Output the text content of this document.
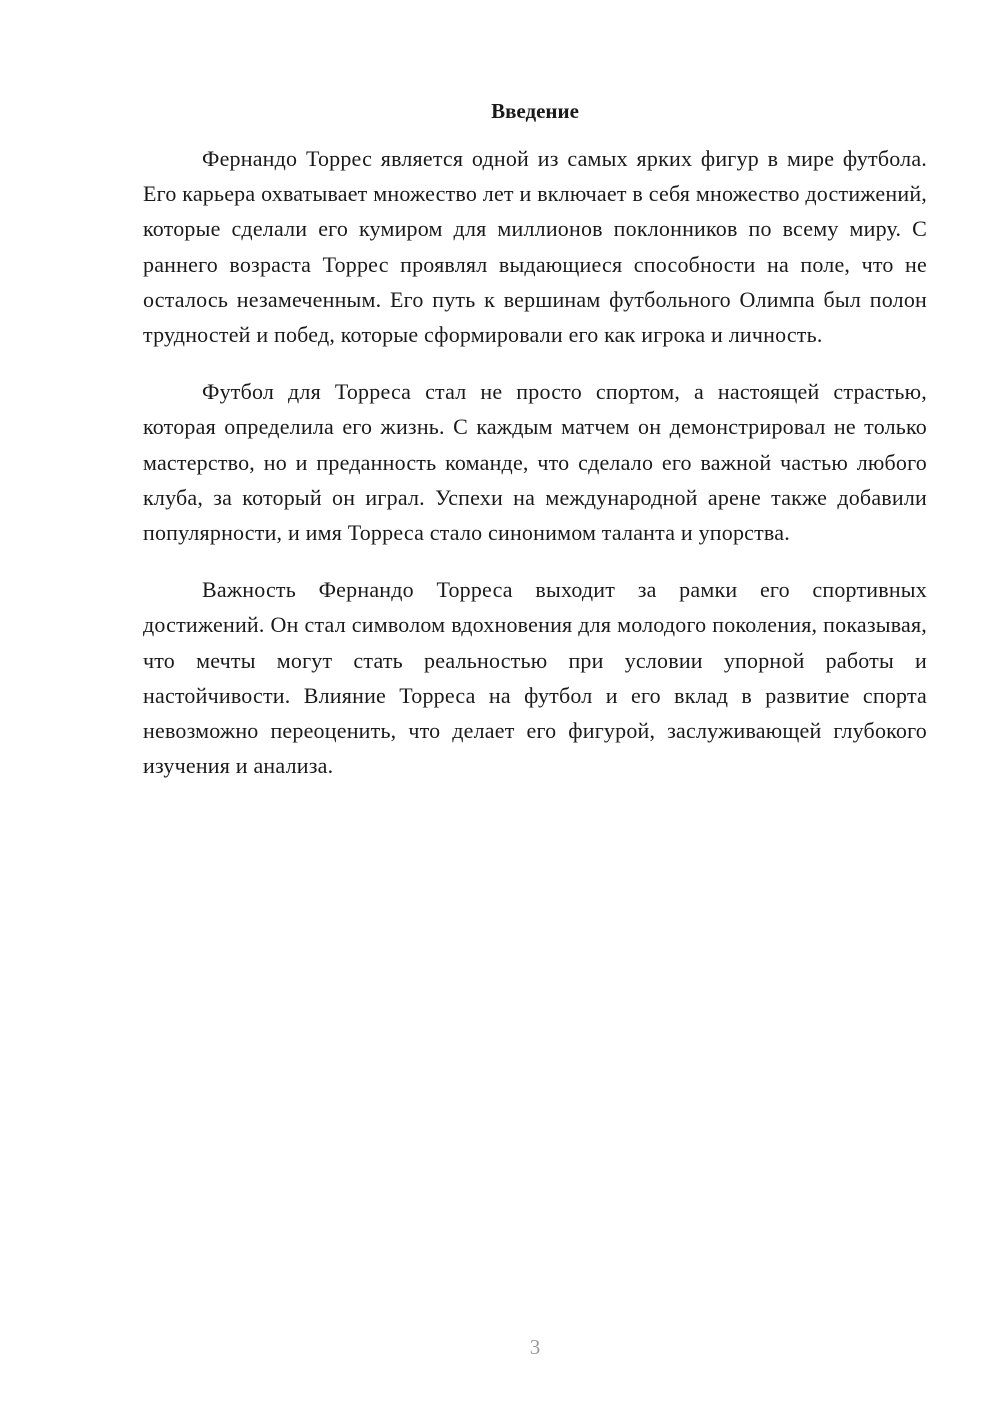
Введение

Фернандо Торрес является одной из самых ярких фигур в мире футбола. Его карьера охватывает множество лет и включает в себя множество достижений, которые сделали его кумиром для миллионов поклонников по всему миру. С раннего возраста Торрес проявлял выдающиеся способности на поле, что не осталось незамеченным. Его путь к вершинам футбольного Олимпа был полон трудностей и побед, которые сформировали его как игрока и личность.

Футбол для Торреса стал не просто спортом, а настоящей страстью, которая определила его жизнь. С каждым матчем он демонстрировал не только мастерство, но и преданность команде, что сделало его важной частью любого клуба, за который он играл. Успехи на международной арене также добавили популярности, и имя Торреса стало синонимом таланта и упорства.

Важность Фернандо Торреса выходит за рамки его спортивных достижений. Он стал символом вдохновения для молодого поколения, показывая, что мечты могут стать реальностью при условии упорной работы и настойчивости. Влияние Торреса на футбол и его вклад в развитие спорта невозможно переоценить, что делает его фигурой, заслуживающей глубокого изучения и анализа.

3
